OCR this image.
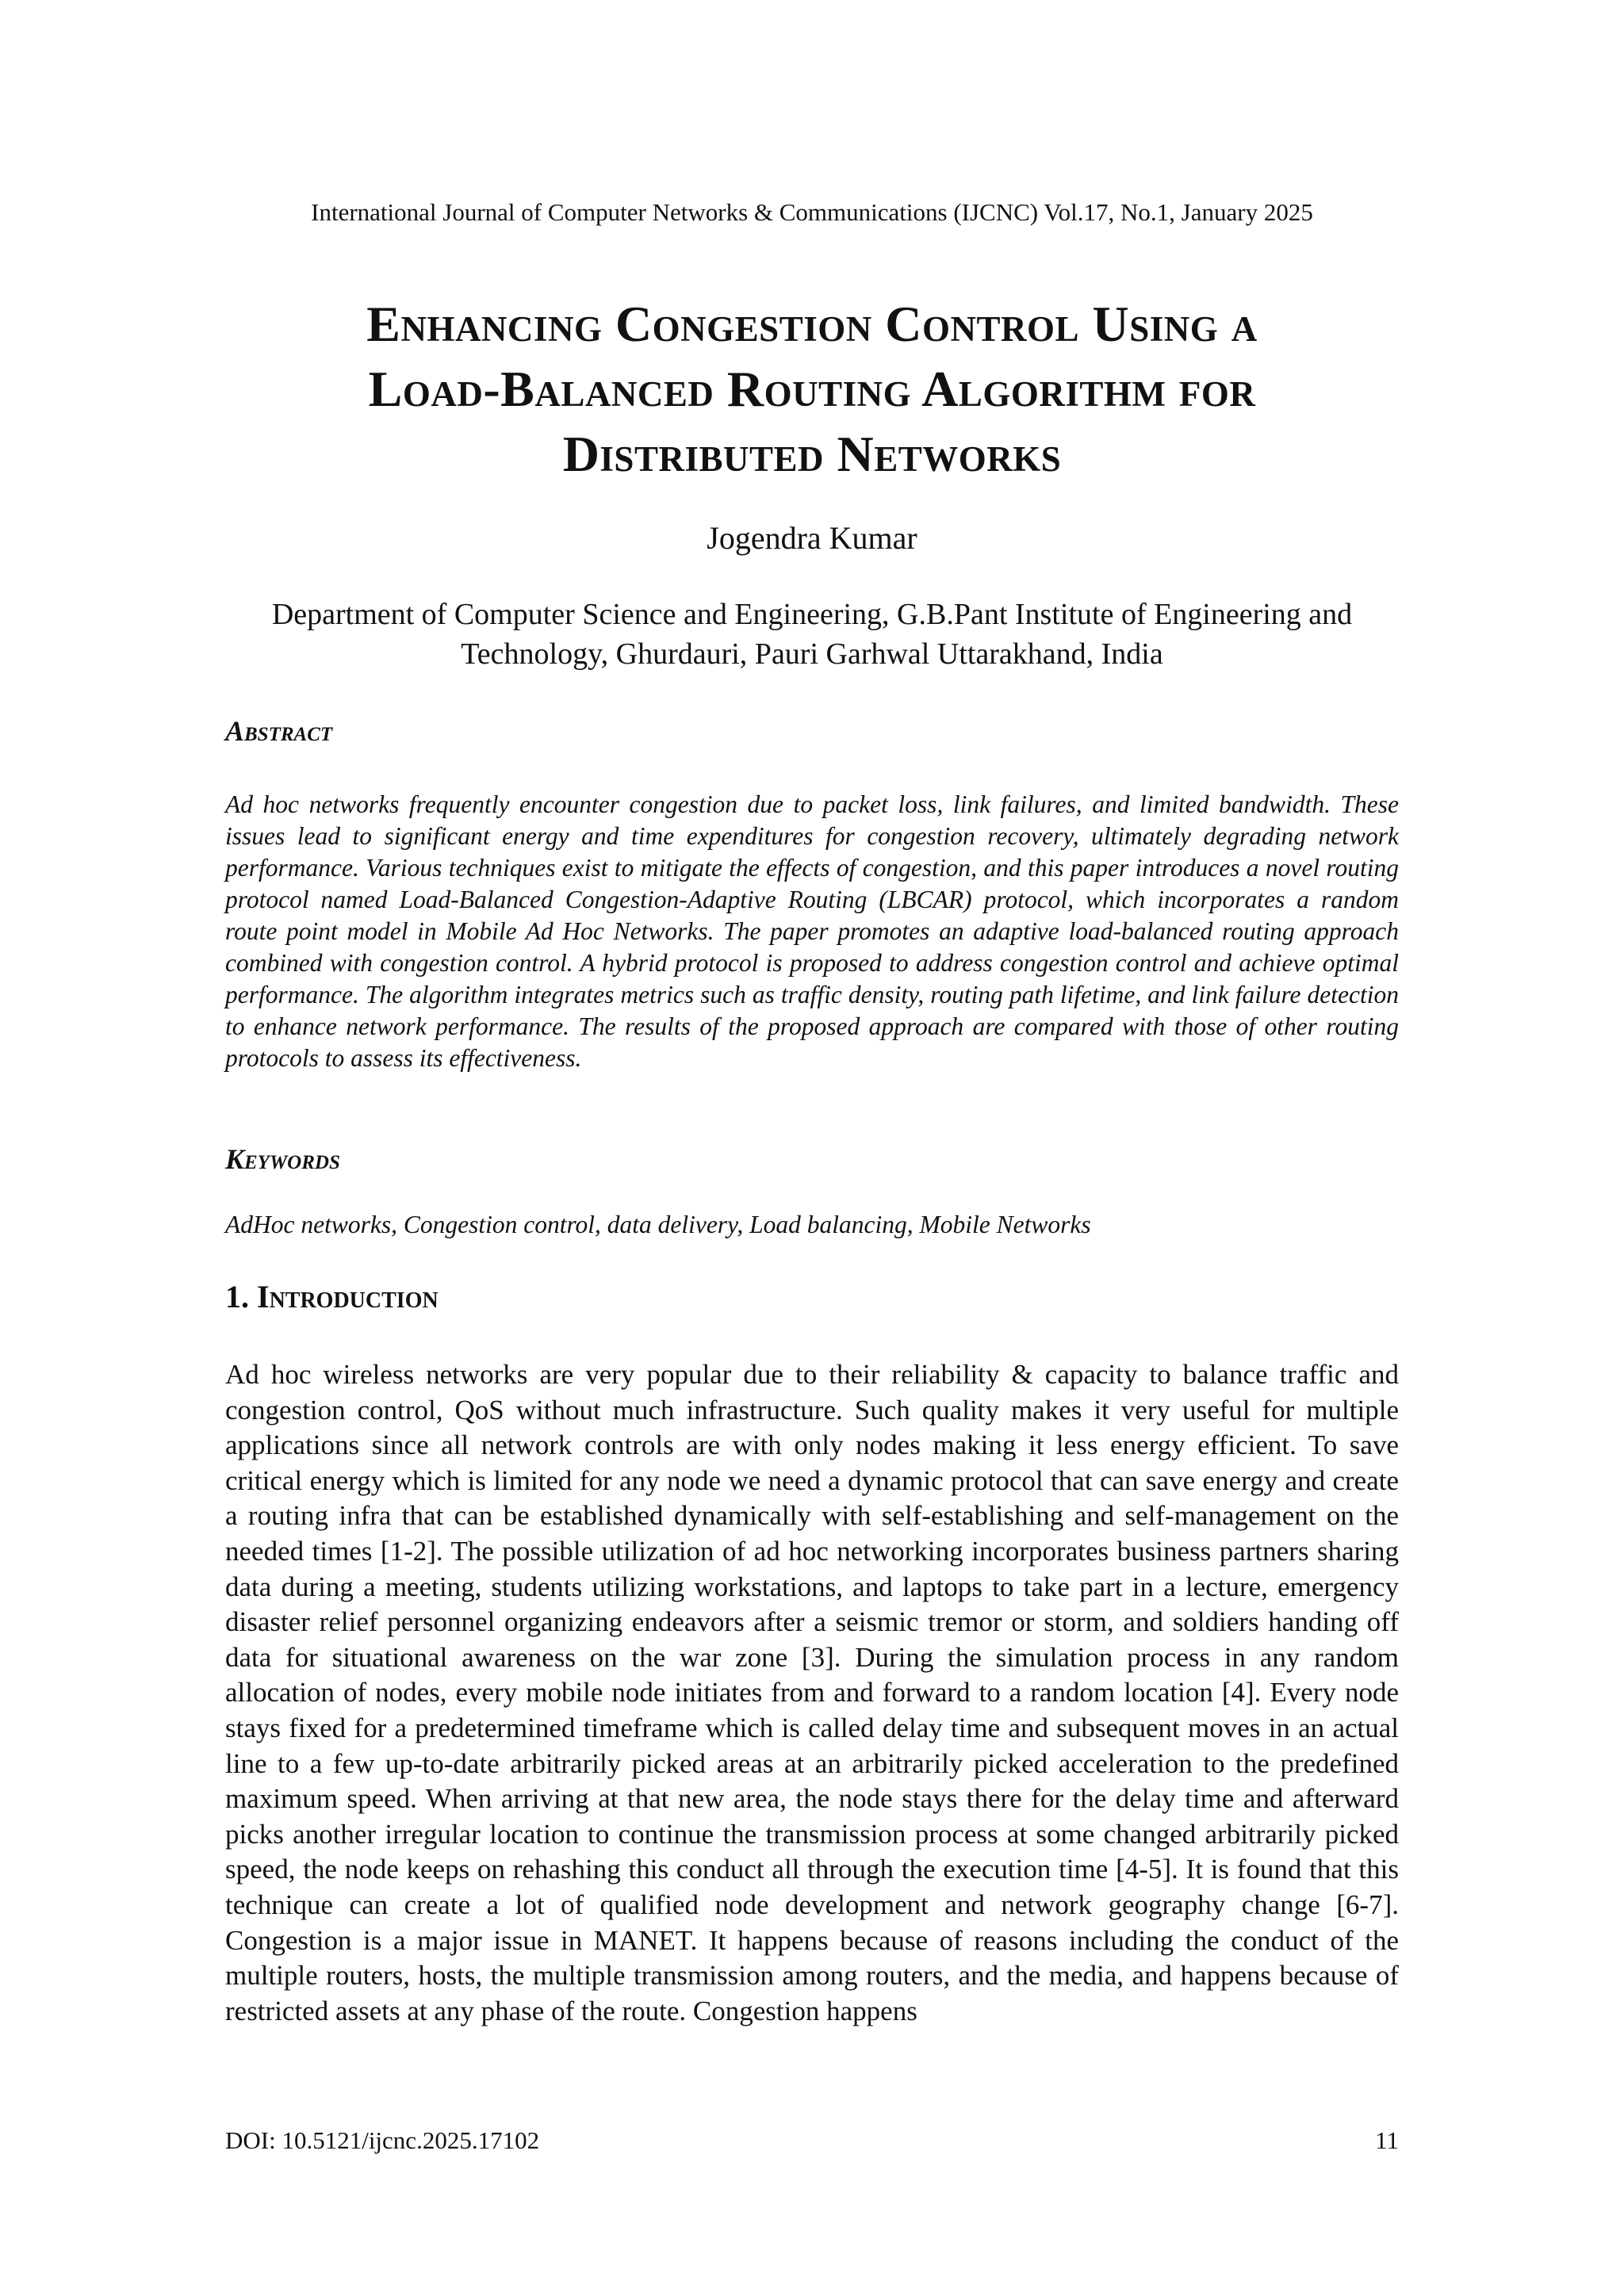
International Journal of Computer Networks & Communications (IJCNC) Vol.17, No.1, January 2025
Enhancing Congestion Control Using a
Load-Balanced Routing Algorithm for
Distributed Networks
Jogendra Kumar
Department of Computer Science and Engineering, G.B.Pant Institute of Engineering and
Technology, Ghurdauri, Pauri Garhwal Uttarakhand, India
Abstract

Ad hoc networks frequently encounter congestion due to packet loss, link failures, and limited bandwidth. These issues lead to significant energy and time expenditures for congestion recovery, ultimately degrading network performance. Various techniques exist to mitigate the effects of congestion, and this paper introduces a novel routing protocol named Load-Balanced Congestion-Adaptive Routing (LBCAR) protocol, which incorporates a random route point model in Mobile Ad Hoc Networks. The paper promotes an adaptive load-balanced routing approach combined with congestion control. A hybrid protocol is proposed to address congestion control and achieve optimal performance. The algorithm integrates metrics such as traffic density, routing path lifetime, and link failure detection to enhance network performance. The results of the proposed approach are compared with those of other routing protocols to assess its effectiveness.

Keywords

AdHoc networks, Congestion control, data delivery, Load balancing, Mobile Networks

1. Introduction

Ad hoc wireless networks are very popular due to their reliability & capacity to balance traffic and congestion control, QoS without much infrastructure. Such quality makes it very useful for multiple applications since all network controls are with only nodes making it less energy efficient. To save critical energy which is limited for any node we need a dynamic protocol that can save energy and create a routing infra that can be established dynamically with self-establishing and self-management on the needed times [1-2]. The possible utilization of ad hoc networking incorporates business partners sharing data during a meeting, students utilizing workstations, and laptops to take part in a lecture, emergency disaster relief personnel organizing endeavors after a seismic tremor or storm, and soldiers handing off data for situational awareness on the war zone [3]. During the simulation process in any random allocation of nodes, every mobile node initiates from and forward to a random location [4]. Every node stays fixed for a predetermined timeframe which is called delay time and subsequent moves in an actual line to a few up-to-date arbitrarily picked areas at an arbitrarily picked acceleration to the predefined maximum speed. When arriving at that new area, the node stays there for the delay time and afterward picks another irregular location to continue the transmission process at some changed arbitrarily picked speed, the node keeps on rehashing this conduct all through the execution time [4-5]. It is found that this technique can create a lot of qualified node development and network geography change [6-7]. Congestion is a major issue in MANET. It happens because of reasons including the conduct of the multiple routers, hosts, the multiple transmission among routers, and the media, and happens because of restricted assets at any phase of the route. Congestion happens

DOI: 10.5121/ijcnc.2025.17102	11
